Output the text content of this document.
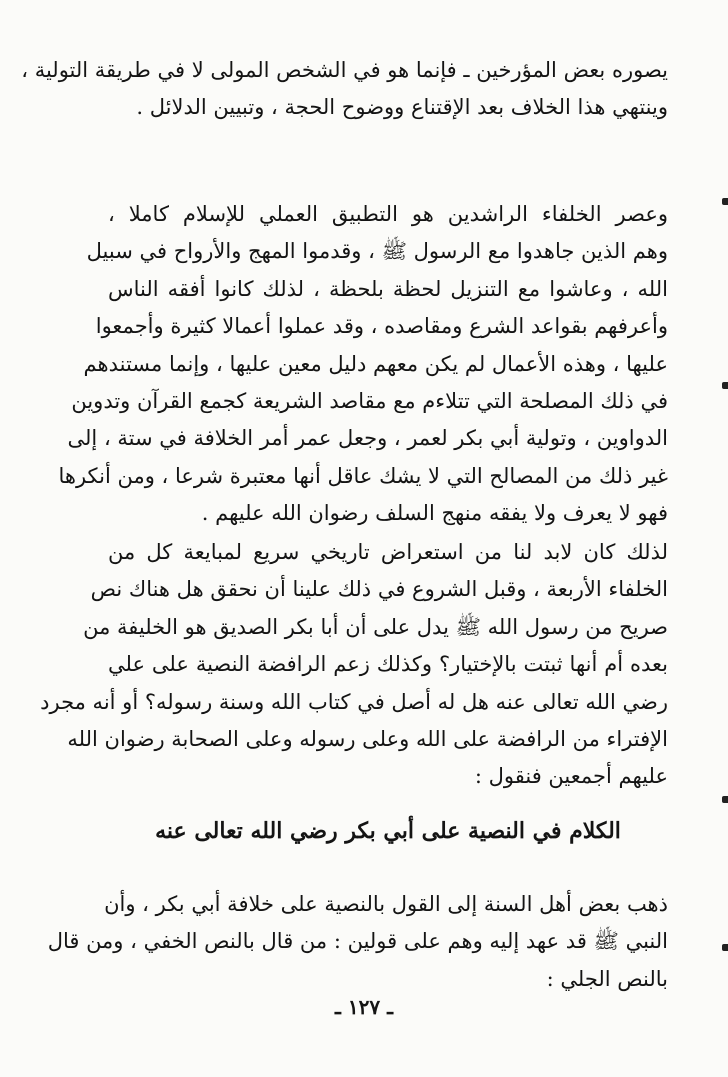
يصوره بعض المؤرخين ـ فإنما هو في الشخص المولى لا في طريقة التولية ،
وينتهي هذا الخلاف بعد الإقتناع ووضوح الحجة ، وتبيين الدلائل .

وعصر الخلفاء الراشدين هو التطبيق العملي للإسلام كاملا ،
وهم الذين جاهدوا مع الرسول ﷺ ، وقدموا المهج والأرواح في سبيل
الله ، وعاشوا مع التنزيل لحظة بلحظة ، لذلك كانوا أفقه الناس
وأعرفهم بقواعد الشرع ومقاصده ، وقد عملوا أعمالا كثيرة وأجمعوا
عليها ، وهذه الأعمال لم يكن معهم دليل معين عليها ، وإنما مستندهم
في ذلك المصلحة التي تتلاءم مع مقاصد الشريعة كجمع القرآن وتدوين
الدواوين ، وتولية أبي بكر لعمر ، وجعل عمر أمر الخلافة في ستة ، إلى
غير ذلك من المصالح التي لا يشك عاقل أنها معتبرة شرعا ، ومن أنكرها
فهو لا يعرف ولا يفقه منهج السلف رضوان الله عليهم .

لذلك كان لابد لنا من استعراض تاريخي سريع لمبايعة كل من
الخلفاء الأربعة ، وقبل الشروع في ذلك علينا أن نحقق هل هناك نص
صريح من رسول الله ﷺ يدل على أن أبا بكر الصديق هو الخليفة من
بعده أم أنها ثبتت بالإختيار؟ وكذلك زعم الرافضة النصية على علي
رضي الله تعالى عنه هل له أصل في كتاب الله وسنة رسوله؟ أو أنه مجرد
الإفتراء من الرافضة على الله وعلى رسوله وعلى الصحابة رضوان الله
عليهم أجمعين فنقول :

الكلام في النصية على أبي بكر رضي الله تعالى عنه

ذهب بعض أهل السنة إلى القول بالنصية على خلافة أبي بكر ، وأن
النبي ﷺ قد عهد إليه وهم على قولين : من قال بالنص الخفي ، ومن قال
بالنص الجلي :

ـ ١٢٧ ـ
